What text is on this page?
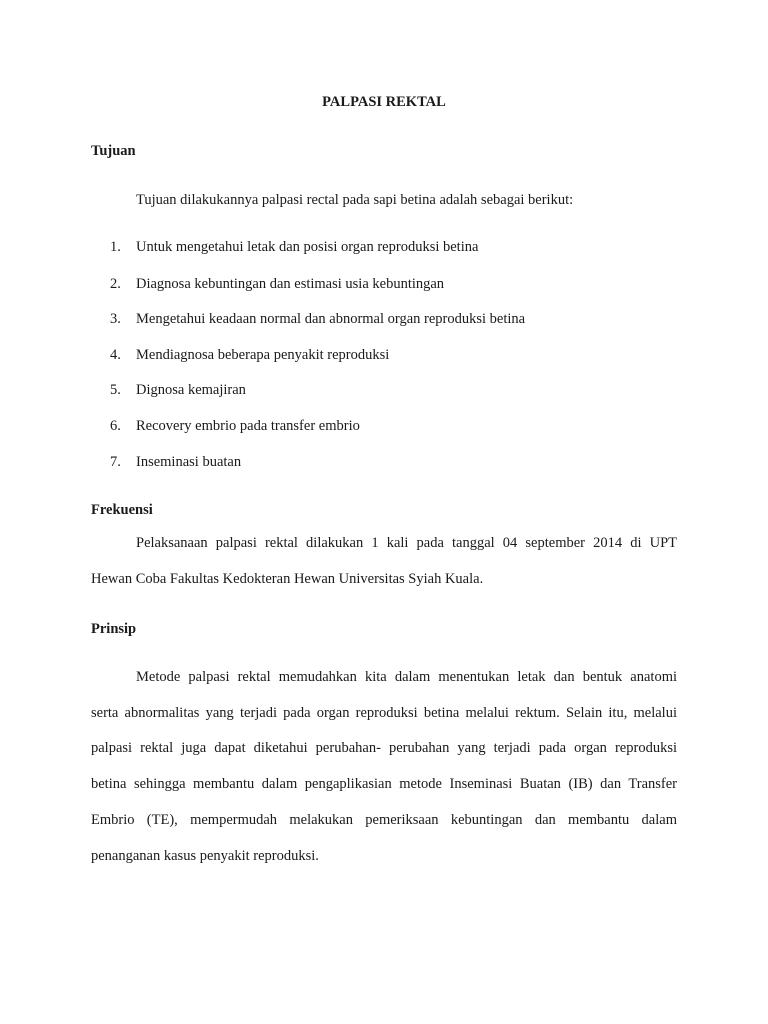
PALPASI REKTAL
Tujuan
Tujuan dilakukannya palpasi rectal pada sapi betina adalah sebagai berikut:
1. Untuk mengetahui letak dan posisi organ reproduksi betina
2. Diagnosa kebuntingan dan estimasi usia kebuntingan
3. Mengetahui keadaan normal dan abnormal organ reproduksi betina
4. Mendiagnosa beberapa penyakit reproduksi
5. Dignosa kemajiran
6. Recovery embrio pada transfer embrio
7. Inseminasi buatan
Frekuensi
Pelaksanaan palpasi rektal dilakukan 1 kali pada tanggal 04 september 2014 di UPT
Hewan Coba Fakultas Kedokteran Hewan Universitas Syiah Kuala.
Prinsip
Metode palpasi rektal memudahkan kita dalam menentukan letak dan bentuk anatomi
serta abnormalitas yang terjadi pada organ reproduksi betina melalui rektum. Selain itu, melalui
palpasi rektal juga dapat diketahui perubahan- perubahan yang terjadi pada organ reproduksi
betina sehingga membantu dalam pengaplikasian metode Inseminasi Buatan (IB) dan Transfer
Embrio (TE), mempermudah melakukan pemeriksaan kebuntingan dan membantu dalam
penanganan kasus penyakit reproduksi.
